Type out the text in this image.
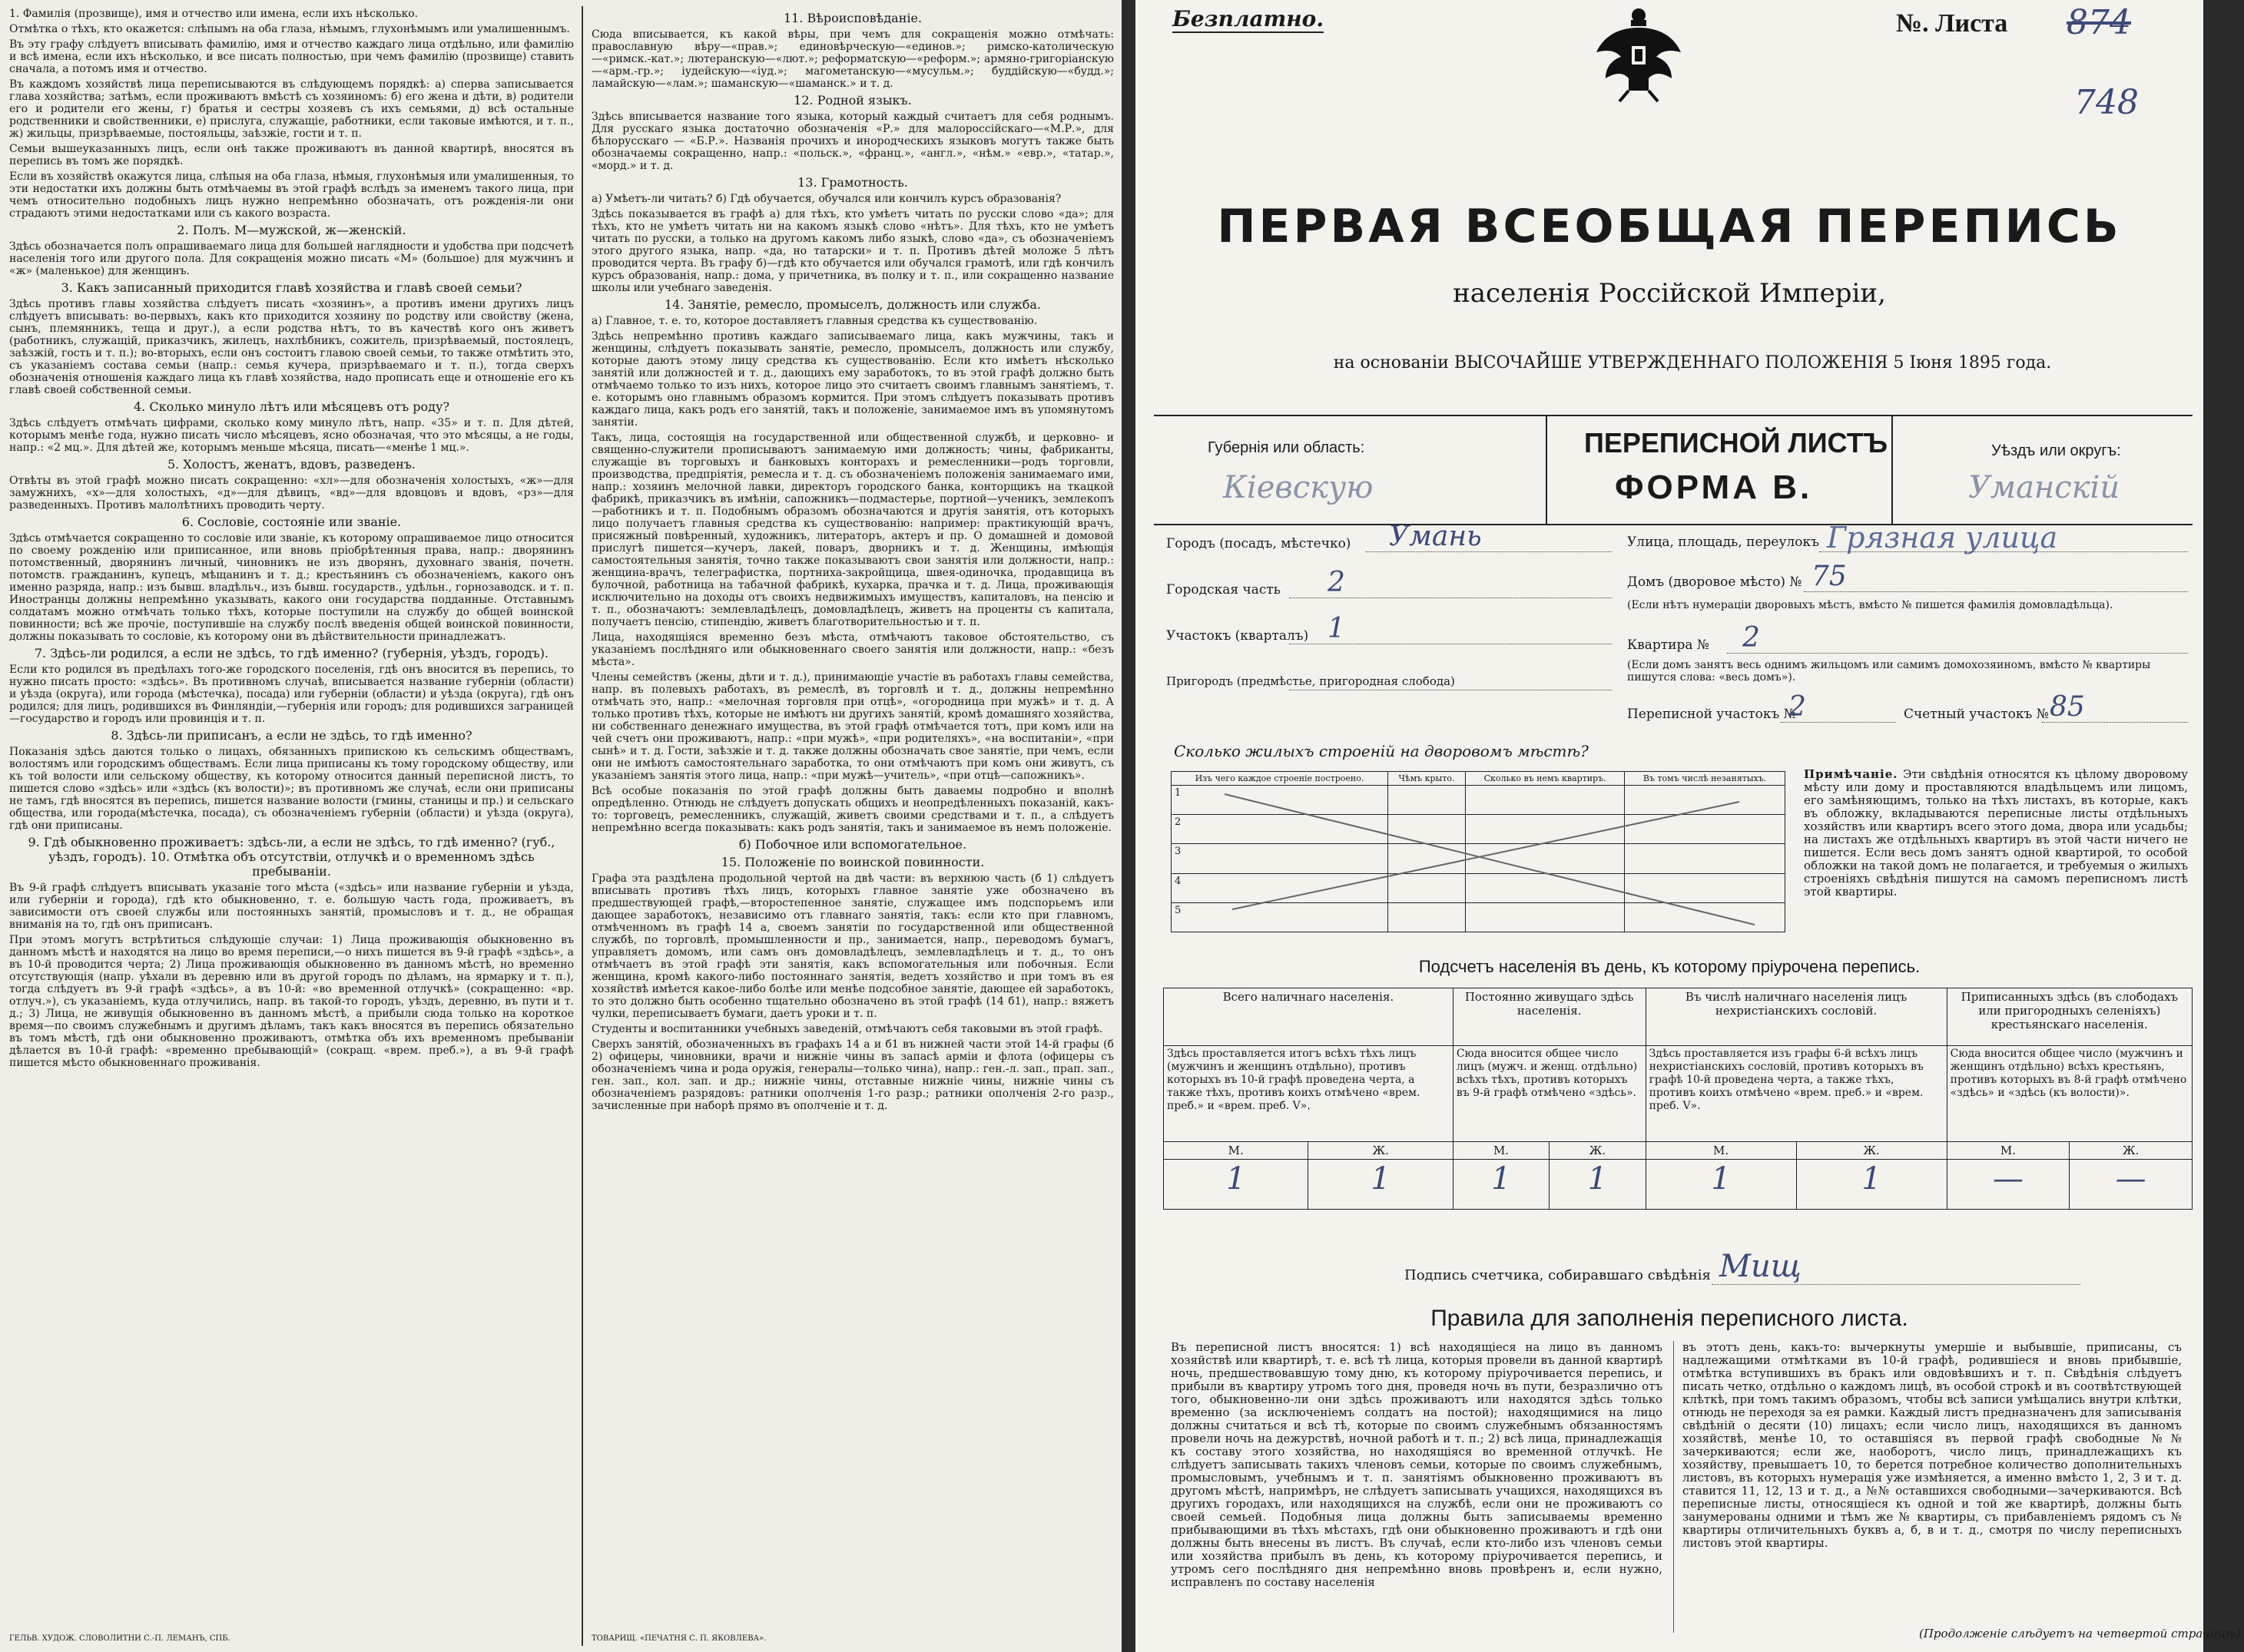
1. Фамилія (прозвище), имя и отчество или имена, если ихъ нѣсколько.
Отмѣтка о тѣхъ, кто окажется: слѣпымъ на оба глаза, нѣмымъ, глухонѣмымъ или умалишеннымъ.
Въ эту графу слѣдуетъ вписывать фамилію, имя и отчество каждаго лица отдѣльно, или фамилію и всѣ имена, если ихъ нѣсколько, и все писать полностью, при чемъ фамилію (прозвище) ставить сначала, а потомъ имя и отчество.
Въ каждомъ хозяйствѣ лица переписываются въ слѣдующемъ порядкѣ: а) сперва записывается глава хозяйства; затѣмъ, если проживаютъ вмѣстѣ съ хозяиномъ: б) его жена и дѣти, в) родители его и родители его жены, г) братья и сестры хозяевъ съ ихъ семьями, д) всѣ остальные родственники и свойственники, е) прислуга, служащіе, работники, если таковые имѣются, и т. п., ж) жильцы, призрѣваемые, постояльцы, заѣзжіе, гости и т. п.
Семьи вышеуказанныхъ лицъ, если онѣ также проживаютъ въ данной квартирѣ, вносятся въ перепись въ томъ же порядкѣ.
Если въ хозяйствѣ окажутся лица, слѣпыя на оба глаза, нѣмыя, глухонѣмыя или умалишенныя, то эти недостатки ихъ должны быть отмѣчаемы въ этой графѣ вслѣдъ за именемъ такого лица, при чемъ относительно подобныхъ лицъ нужно непремѣнно обозначать, отъ рожденія-ли они страдаютъ этими недостатками или съ какого возраста.
2. Полъ. М—мужской, ж—женскій.
Здѣсь обозначается полъ опрашиваемаго лица для большей наглядности и удобства при подсчетѣ населенія того или другого пола. Для сокращенія можно писать «М» (большое) для мужчинъ и «ж» (маленькое) для женщинъ.
3. Какъ записанный приходится главѣ хозяйства и главѣ своей семьи?
Здѣсь противъ главы хозяйства слѣдуетъ писать «хозяинъ», а противъ имени другихъ лицъ слѣдуетъ вписывать: во-первыхъ, какъ кто приходится хозяину по родству или свойству (жена, сынъ, племянникъ, теща и друг.), а если родства нѣтъ, то въ качествѣ кого онъ живетъ (работникъ, служащій, приказчикъ, жилецъ, нахлѣбникъ, сожитель, призрѣваемый, постоялецъ, заѣзжій, гость и т. п.); во-вторыхъ, если онъ состоитъ главою своей семьи, то также отмѣтить это, съ указаніемъ состава семьи (напр.: семья кучера, призрѣваемаго и т. п.), тогда сверхъ обозначенія отношенія каждаго лица къ главѣ хозяйства, надо прописать еще и отношеніе его къ главѣ своей собственной семьи.
4. Сколько минуло лѣтъ или мѣсяцевъ отъ роду?
Здѣсь слѣдуетъ отмѣчать цифрами, сколько кому минуло лѣтъ, напр. «35» и т. п. Для дѣтей, которымъ менѣе года, нужно писать число мѣсяцевъ, ясно обозначая, что это мѣсяцы, а не годы, напр.: «2 мц.». Для дѣтей же, которымъ меньше мѣсяца, писать—«менѣе 1 мц.».
5. Холостъ, женатъ, вдовъ, разведенъ.
Отвѣты въ этой графѣ можно писать сокращенно: «хл»—для обозначенія холостыхъ, «ж»—для замужнихъ, «х»—для холостыхъ, «д»—для дѣвицъ, «вд»—для вдовцовъ и вдовъ, «рз»—для разведенныхъ. Противъ малолѣтнихъ проводить черту.
6. Сословіе, состояніе или званіе.
Здѣсь отмѣчается сокращенно то сословіе или званіе, къ которому опрашиваемое лицо относится по своему рожденію или приписанное, или вновь пріобрѣтенныя права, напр.: дворянинъ потомственный, дворянинъ личный, чиновникъ не изъ дворянъ, духовнаго званія, почетн. потомств. гражданинъ, купецъ, мѣщанинъ и т. д.; крестьянинъ съ обозначеніемъ, какого онъ именно разряда, напр.: изъ бывш. владѣльч., изъ бывш. государств., удѣльн., горнозаводск. и т. п. Иностранцы должны непремѣнно указывать, какого они государства подданные. Отставнымъ солдатамъ можно отмѣчать только тѣхъ, которые поступили на службу до общей воинской повинности; всѣ же прочіе, поступившіе на службу послѣ введенія общей воинской повинности, должны показывать то сословіе, къ которому они въ дѣйствительности принадлежатъ.
7. Здѣсь-ли родился, а если не здѣсь, то гдѣ именно? (губернія, уѣздъ, городъ).
Если кто родился въ предѣлахъ того-же городского поселенія, гдѣ онъ вносится въ перепись, то нужно писать просто: «здѣсь». Въ противномъ случаѣ, вписывается название губерніи (области) и уѣзда (округа), или города (мѣстечка), посада) или губерніи (области) и уѣзда (округа), гдѣ онъ родился; для лицъ, родившихся въ Финляндіи,—губернія или городъ; для родившихся заграницей—государство и городъ или провинція и т. п.
8. Здѣсь-ли приписанъ, а если не здѣсь, то гдѣ именно?
Показанія здѣсь даются только о лицахъ, обязанныхъ припискою къ сельскимъ обществамъ, волостямъ или городскимъ обществамъ. Если лица приписаны къ тому городскому обществу, или къ той волости или сельскому обществу, къ которому относится данный переписной листъ, то пишется слово «здѣсь» или «здѣсь (къ волости)»; въ противномъ же случаѣ, если они приписаны не тамъ, гдѣ вносятся въ перепись, пишется название волости (гмины, станицы и пр.) и сельскаго общества, или города(мѣстечка, посада), съ обозначеніемъ губерніи (области) и уѣзда (округа), гдѣ они приписаны.
9. Гдѣ обыкновенно проживаетъ: здѣсь-ли, а если не здѣсь, то гдѣ именно? (губ., уѣздъ, городъ). 10. Отмѣтка объ отсутствіи, отлучкѣ и о временномъ здѣсь пребываніи.
Въ 9-й графѣ слѣдуетъ вписывать указаніе того мѣста («здѣсь» или название губерніи и уѣзда, или губерніи и города), гдѣ кто обыкновенно, т. е. большую часть года, проживаетъ, въ зависимости отъ своей службы или постоянныхъ занятій, промысловъ и т. д., не обращая вниманія на то, гдѣ онъ приписанъ.
При этомъ могутъ встрѣтиться слѣдующіе случаи: 1) Лица проживающія обыкновенно въ данномъ мѣстѣ и находятся на лицо во время переписи,—о нихъ пишется въ 9-й графѣ «здѣсь», а въ 10-й проводится черта; 2) Лица проживающія обыкновенно въ данномъ мѣстѣ, но временно отсутствующія (напр. уѣхали въ деревню или въ другой городъ по дѣламъ, на ярмарку и т. п.), тогда слѣдуетъ въ 9-й графѣ «здѣсь», а въ 10-й: «во временной отлучкѣ» (сокращенно: «вр. отлуч.»), съ указаніемъ, куда отлучились, напр. въ такой-то городъ, уѣздъ, деревню, въ пути и т. д.; 3) Лица, не живущія обыкновенно въ данномъ мѣстѣ, а прибыли сюда только на короткое время—по своимъ служебнымъ и другимъ дѣламъ, такъ какъ вносятся въ перепись обязательно въ томъ мѣстѣ, гдѣ они обыкновенно проживаютъ, отмѣтка объ ихъ временномъ пребываніи дѣлается въ 10-й графѣ: «временно пребывающій» (сокращ. «врем. преб.»), а въ 9-й графѣ пишется мѣсто обыкновеннаго проживанія.
ГЕЛЬВ. ХУДОЖ. СЛОВОЛИТНИ С.-П. ЛЕМАНЪ, СПБ.
11. Вѣроисповѣданіе.
Сюда вписывается, къ какой вѣры, при чемъ для сокращенія можно отмѣчать: православную вѣру—«прав.»; единовѣрческую—«единов.»; римско-католическую—«римск.-кат.»; лютеранскую—«лют.»; реформатскую—«реформ.»; армяно-григоріанскую—«арм.-гр.»; іудейскую—«іуд.»; магометанскую—«мусульм.»; буддійскую—«будд.»; ламайскую—«лам.»; шаманскую—«шаманск.» и т. д.
12. Родной языкъ.
Здѣсь вписывается название того языка, который каждый считаетъ для себя роднымъ. Для русскаго языка достаточно обозначенія «Р.» для малороссійскаго—«М.Р.», для бѣлорусскаго — «Б.Р.». Названія прочихъ и инородческихъ языковъ могутъ также быть обозначаемы сокращенно, напр.: «польск.», «франц.», «англ.», «нѣм.» «евр.», «татар.», «морд.» и т. д.
13. Грамотность.
а) Умѣетъ-ли читать? б) Гдѣ обучается, обучался или кончилъ курсъ образованія?
Здѣсь показывается въ графѣ а) для тѣхъ, кто умѣетъ читать по русски слово «да»; для тѣхъ, кто не умѣетъ читать ни на какомъ языкѣ слово «нѣтъ». Для тѣхъ, кто не умѣетъ читать по русски, а только на другомъ какомъ либо языкѣ, слово «да», съ обозначеніемъ этого другого языка, напр. «да, но татарски» и т. п. Противъ дѣтей моложе 5 лѣтъ проводится черта. Въ графу б)—гдѣ кто обучается или обучался грамотѣ, или гдѣ кончилъ курсъ образованія, напр.: дома, у причетника, въ полку и т. п., или сокращенно название школы или учебнаго заведенія.
14. Занятіе, ремесло, промыселъ, должность или служба.
а) Главное, т. е. то, которое доставляетъ главныя средства къ существованію.
Здѣсь непремѣнно противъ каждаго записываемаго лица, какъ мужчины, такъ и женщины, слѣдуетъ показывать занятіе, ремесло, промыселъ, должность или службу, которые даютъ этому лицу средства къ существованію. Если кто имѣетъ нѣсколько занятій или должностей и т. д., дающихъ ему заработокъ, то въ этой графѣ должно быть отмѣчаемо только то изъ нихъ, которое лицо это считаетъ своимъ главнымъ занятіемъ, т. е. которымъ оно главнымъ образомъ кормится. При этомъ слѣдуетъ показывать противъ каждаго лица, какъ родъ его занятій, такъ и положеніе, занимаемое имъ въ упомянутомъ занятіи.
Такъ, лица, состоящія на государственной или общественной службѣ, и церковно- и священно-служители прописываютъ занимаемую ими должность; чины, фабриканты, служащіе въ торговыхъ и банковыхъ конторахъ и ремесленники—родъ торговли, производства, предпріятія, ремесла и т. д. съ обозначеніемъ положенія занимаемаго ими, напр.: хозяинъ мелочной лавки, директоръ городского банка, конторщикъ на ткацкой фабрикѣ, приказчикъ въ имѣніи, сапожникъ—подмастерье, портной—ученикъ, землекопъ—работникъ и т. п. Подобнымъ образомъ обозначаются и другія занятія, отъ которыхъ лицо получаетъ главныя средства къ существованію: например: практикующій врачъ, присяжный повѣренный, художникъ, литераторъ, актеръ и пр. О домашней и домовой прислугѣ пишется—кучеръ, лакей, поваръ, дворникъ и т. д. Женщины, имѣющія самостоятельныя занятія, точно также показываютъ свои занятія или должности, напр.: женщина-врачъ, телеграфистка, портниха-закройщица, швея-одиночка, продавщица въ булочной, работница на табачной фабрикѣ, кухарка, прачка и т. д. Лица, проживающія исключительно на доходы отъ своихъ недвижимыхъ имуществъ, капиталовъ, на пенсію и т. п., обозначаютъ: землевладѣлецъ, домовладѣлецъ, живетъ на проценты съ капитала, получаетъ пенсію, стипендію, живетъ благотворительностью и т. п.
Лица, находящіяся временно безъ мѣста, отмѣчаютъ таковое обстоятельство, съ указаніемъ послѣдняго или обыкновеннаго своего занятія или должности, напр.: «безъ мѣста».
Члены семействъ (жены, дѣти и т. д.), принимающіе участіе въ работахъ главы семейства, напр. въ полевыхъ работахъ, въ ремеслѣ, въ торговлѣ и т. д., должны непремѣнно отмѣчать это, напр.: «мелочная торговля при отцѣ», «огородница при мужѣ» и т. д. А только противъ тѣхъ, которые не имѣютъ ни другихъ занятій, кромѣ домашняго хозяйства, ни собственнаго денежнаго имущества, въ этой графѣ отмѣчается тотъ, при комъ или на чей счетъ они проживаютъ, напр.: «при мужѣ», «при родителяхъ», «на воспитаніи», «при сынѣ» и т. д. Гости, заѣзжіе и т. д. также должны обозначать свое занятіе, при чемъ, если они не имѣютъ самостоятельнаго заработка, то они отмѣчаютъ при комъ они живутъ, съ указаніемъ занятія этого лица, напр.: «при мужѣ—учитель», «при отцѣ—сапожникъ».
Всѣ особые показанія по этой графѣ должны быть даваемы подробно и вполнѣ опредѣленно. Отнюдь не слѣдуетъ допускать общихъ и неопредѣленныхъ показаній, какъ-то: торговецъ, ремесленникъ, служащій, живетъ своими средствами и т. п., а слѣдуетъ непремѣнно всегда показывать: какъ родъ занятія, такъ и занимаемое въ немъ положеніе.
б) Побочное или вспомогательное.
15. Положеніе по воинской повинности.
Графа эта раздѣлена продольной чертой на двѣ части: въ верхнюю часть (б 1) слѣдуетъ вписывать противъ тѣхъ лицъ, которыхъ главное занятіе уже обозначено въ предшествующей графѣ,—второстепенное занятіе, служащее имъ подспорьемъ или дающее заработокъ, независимо отъ главнаго занятія, такъ: если кто при главномъ, отмѣченномъ въ графѣ 14 а, своемъ занятіи по государственной или общественной службѣ, по торговлѣ, промышленности и пр., занимается, напр., переводомъ бумагъ, управляетъ домомъ, или самъ онъ домовладѣлецъ, землевладѣлецъ и т. д., то онъ отмѣчаетъ въ этой графѣ эти занятія, какъ вспомогательныя или побочныя. Если женщина, кромѣ какого-либо постояннаго занятія, ведетъ хозяйство и при томъ въ ея хозяйствѣ имѣется какое-либо болѣе или менѣе подсобное занятіе, дающее ей заработокъ, то это должно быть особенно тщательно обозначено въ этой графѣ (14 б1), напр.: вяжетъ чулки, переписываетъ бумаги, даетъ уроки и т. п.
Студенты и воспитанники учебныхъ заведеній, отмѣчаютъ себя таковыми въ этой графѣ.
Сверхъ занятій, обозначенныхъ въ графахъ 14 а и б1 въ нижней части этой 14-й графы (б 2) офицеры, чиновники, врачи и нижніе чины въ запасѣ арміи и флота (офицеры съ обозначеніемъ чина и рода оружія, генералы—только чина), напр.: ген.-л. зап., прап. зап., ген. зап., кол. зап. и др.; нижніе чины, отставные нижніе чины, нижніе чины съ обозначеніемъ разрядовъ: ратники ополченія 1-го разр.; ратники ополченія 2-го разр., зачисленные при наборѣ прямо въ ополченіе и т. д.
ТОВАРИЩ. «ПЕЧАТНЯ С. П. ЯКОВЛЕВА».
Безплатно.	№. Листа 874
748
ПЕРВАЯ ВСЕОБЩАЯ ПЕРЕПИСЬ
населенія Россійской Имперіи,
на основаніи ВЫСОЧАЙШЕ УТВЕРЖДЕННАГО ПОЛОЖЕНІЯ 5 Іюня 1895 года.
Губернія или область:
Кіевскую
ПЕРЕПИСНОЙ ЛИСТЪ
ФОРМА В.
Уѣздъ или округъ:
Уманскій
Городъ (посадъ, мѣстечко) Умань
Городская часть 2
Участокъ (кварталъ) 1
Пригородъ (предмѣстье, пригородная слобода)
Улица, площадь, переулокъ Грязная улица
Домъ (дворовое мѣсто) № 75
(Если нѣтъ нумераціи дворовыхъ мѣстъ, вмѣсто № пишется фамилія домовладѣльца).
Квартира № 2
(Если домъ занятъ весь однимъ жильцомъ или самимъ домохозяиномъ, вмѣсто № квартиры пишутся слова: «весь домъ»).
Переписной участокъ №
2	Счетный участокъ № 85
Сколько жилыхъ строеній на дворовомъ мѣстѣ?
Изъ чего каждое строеніе построено.	Чѣмъ крыто.	Сколько въ немъ квартиръ.	Въ томъ числѣ незанятыхъ.
1			
2			
3			
4			
5			
Примѣчаніе. Эти свѣдѣнія относятся къ цѣлому дворовому мѣсту или дому и проставляются владѣльцемъ или лицомъ, его замѣняющимъ, только на тѣхъ листахъ, въ которые, какъ въ обложку, вкладываются переписные листы отдѣльныхъ хозяйствъ или квартиръ всего этого дома, двора или усадьбы; на листахъ же отдѣльныхъ квартиръ въ этой части ничего не пишется. Если весь домъ занятъ одной квартирой, то особой обложки на такой домъ не полагается, и требуемыя о жилыхъ строеніяхъ свѣдѣнія пишутся на самомъ переписномъ листѣ этой квартиры.
Подсчетъ населенія въ день, къ которому пріурочена перепись.
Всего наличнаго населенія.		Постоянно живущаго здѣсь населенія.		Въ числѣ наличнаго населенія лицъ нехристіанскихъ сословій.		Приписанныхъ здѣсь (въ слободахъ или пригородныхъ селеніяхъ) крестьянскаго населенія.	
Здѣсь проставляется итогъ всѣхъ тѣхъ лицъ (мужчинъ и женщинъ отдѣльно), противъ которыхъ въ 10-й графѣ проведена черта, а также тѣхъ, противъ коихъ отмѣчено «врем. преб.» и «врем. преб. V».		Сюда вносится общее число лицъ (мужч. и женщ. отдѣльно) всѣхъ тѣхъ, противъ которыхъ въ 9-й графѣ отмѣчено «здѣсь».		Здѣсь проставляется изъ графы 6-й всѣхъ лицъ нехристіанскихъ сословій, противъ которыхъ въ графѣ 10-й проведена черта, а также тѣхъ, противъ коихъ отмѣчено «врем. преб.» и «врем. преб. V».		Сюда вносится общее число (мужчинъ и женщинъ отдѣльно) всѣхъ крестьянъ, противъ которыхъ въ 8-й графѣ отмѣчено «здѣсь» и «здѣсь (къ волости)».	
М.	Ж.	М.	Ж.	М.	Ж.	М.	Ж.
1	1	1	1	1	1	—	—
Подпись счетчика, собиравшаго свѣдѣнія Мищ
Правила для заполненія переписного листа.
Въ переписной листъ вносятся: 1) всѣ находящіеся на лицо въ данномъ хозяйствѣ или квартирѣ, т. е. всѣ тѣ лица, которыя провели въ данной квартирѣ ночь, предшествовавшую тому дню, къ которому пріурочивается перепись, и прибыли въ квартиру утромъ того дня, проведя ночь въ пути, безразлично отъ того, обыкновенно-ли они здѣсь проживаютъ или находятся здѣсь только временно (за исключеніемъ солдатъ на постой); находящимися на лицо должны считаться и всѣ тѣ, которые по своимъ служебнымъ обязанностямъ провели ночь на дежурствѣ, ночной работѣ и т. п.; 2) всѣ лица, принадлежащія къ составу этого хозяйства, но находящіяся во временной отлучкѣ. Не слѣдуетъ записывать такихъ членовъ семьи, которые по своимъ служебнымъ, промысловымъ, учебнымъ и т. п. занятіямъ обыкновенно проживаютъ въ другомъ мѣстѣ, напримѣръ, не слѣдуетъ записывать учащихся, находящихся въ другихъ городахъ, или находящихся на службѣ, если они не проживаютъ со своей семьей. Подобныя лица должны быть записываемы временно прибывающими въ тѣхъ мѣстахъ, гдѣ они обыкновенно проживаютъ и гдѣ они должны быть внесены въ листъ. Въ случаѣ, если кто-либо изъ членовъ семьи или хозяйства прибылъ въ день, къ которому пріурочивается перепись, и утромъ сего послѣдняго дня непремѣнно вновь провѣренъ и, если нужно, исправленъ по составу населенія
въ этотъ день, какъ-то: вычеркнуты умершіе и выбывшіе, приписаны, съ надлежащими отмѣтками въ 10-й графѣ, родившіеся и вновь прибывшіе, отмѣтка вступившихъ въ бракъ или овдовѣвшихъ и т. п. Свѣдѣнія слѣдуетъ писать четко, отдѣльно о каждомъ лицѣ, въ особой строкѣ и въ соотвѣтствующей клѣткѣ, при томъ такимъ образомъ, чтобы всѣ записи умѣщались внутри клѣтки, отнюдь не переходя за ея рамки. Каждый листъ предназначенъ для записыванія свѣдѣній о десяти (10) лицахъ; если число лицъ, находящихся въ данномъ хозяйствѣ, менѣе 10, то оставшіяся въ первой графѣ свободные №№ зачеркиваются; если же, наоборотъ, число лицъ, принадлежащихъ къ хозяйству, превышаетъ 10, то берется потребное количество дополнительныхъ листовъ, въ которыхъ нумерація уже измѣняется, а именно вмѣсто 1, 2, 3 и т. д. ставится 11, 12, 13 и т. д., а №№ оставшихся свободными—зачеркиваются. Всѣ переписные листы, относящіеся къ одной и той же квартирѣ, должны быть занумерованы одними и тѣмъ же № квартиры, съ прибавленіемъ рядомъ съ № квартиры отличительныхъ буквъ а, б, в и т. д., смотря по числу переписныхъ листовъ этой квартиры.
(Продолженіе слѣдуетъ на четвертой страницѣ).
